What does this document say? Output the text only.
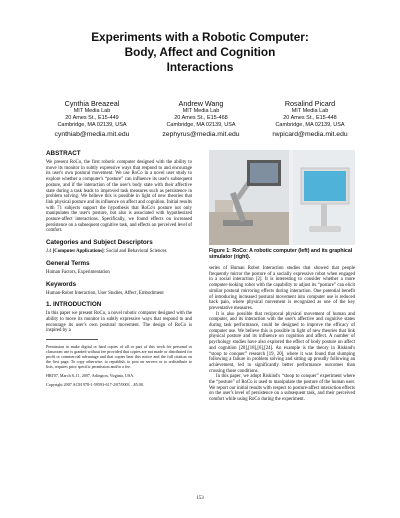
Experiments with a Robotic Computer:
Body, Affect and Cognition
Interactions
Cynthia Breazeal
MIT Media Lab
20 Ames St., E15-449
Cambridge, MA 02139, USA
cynthiab@media.mit.edu
Andrew Wang
MIT Media Lab
20 Ames St., E15-468
Cambridge, MA 02139, USA
zephyrus@media.mit.edu
Rosalind Picard
MIT Media Lab
20 Ames St., E15-448
Cambridge, MA 02139, USA
rwpicard@media.mit.edu
ABSTRACT

We present RoCo, the first robotic computer designed with the ability to move its monitor in subtly expressive ways that respond to and encourage its user's own postural movement. We use RoCo in a novel user study to explore whether a computer's “posture” can influence its user's subsequent posture, and if the interaction of the user's body state with their affective state during a task leads to improved task measures such as persistence in problem solving. We believe this is possible in light of new theories that link physical posture and its influence on affect and cognition. Initial results with 71 subjects support the hypothesis that RoCo's posture not only manipulates the user's posture, but also is associated with hypothesized posture-affect interactions. Specifically, we found effects on increased persistence on a subsequent cognitive task, and effects on perceived level of comfort.

Categories and Subject Descriptors

J.4 [Computer Applications]: Social and Behavioral Sciences

General Terms

Human Factors, Experimentation

Keywords

Human-Robot Interaction, User Studies, Affect, Embodiment

1. INTRODUCTION

In this paper we present RoCo, a novel robotic computer designed with the ability to move its monitor in subtly expressive ways that respond to and encourage its user's own postural movement. The design of RoCo is inspired by a

Permission to make digital or hard copies of all or part of this work for personal or classroom use is granted without fee provided that copies are not made or distributed for profit or commercial advantage and that copies bear this notice and the full citation on the first page. To copy otherwise, to republish, to post on servers or to redistribute to lists, requires prior specific permission and/or a fee.

HRI'07, March 8–11, 2007, Arlington, Virginia, USA.

Copyright 2007 ACM 978-1-59593-617-2/07/0003 ...$5.00.

Figure 1: RoCo: A robotic computer (left) and its graphical simulator (right).

series of Human Robot Interaction studies that showed that people frequently mirror the posture of a socially expressive robot when engaged in a social interaction [2]. It is interesting to consider whether a more computer-looking robot with the capability to adjust its “posture” can elicit similar postural mirroring effects during interaction. One potential benefit of introducing increased postural movement into computer use is reduced back pain, where physical movement is recognized as one of the key preventative measures.

It is also possible that reciprocal physical movement of human and computer, and its interaction with the user's affective and cognitive states during task performance, could be designed to improve the efficacy of computer use. We believe this is possible in light of new theories that link physical posture and its influence on cognition and affect. A number of psychology studies have also explored the effect of body posture on affect and cognition [20],[18],[6],[24]. An example is the theory in Riskind's “stoop to conquer” research [19, 20], where it was found that slumping following a failure in problem solving and sitting up proudly following an achievement, led to significantly better performance outcomes than crossing those conditions.

In this paper, we adopt Riskind's “stoop to conquer” experiment where the “posture” of RoCo is used to manipulate the posture of the human user. We report our initial results with respect to posture-affect interaction effects on the user's level of persistence on a subsequent task, and their perceived comfort while using RoCo during the experiment.

153
